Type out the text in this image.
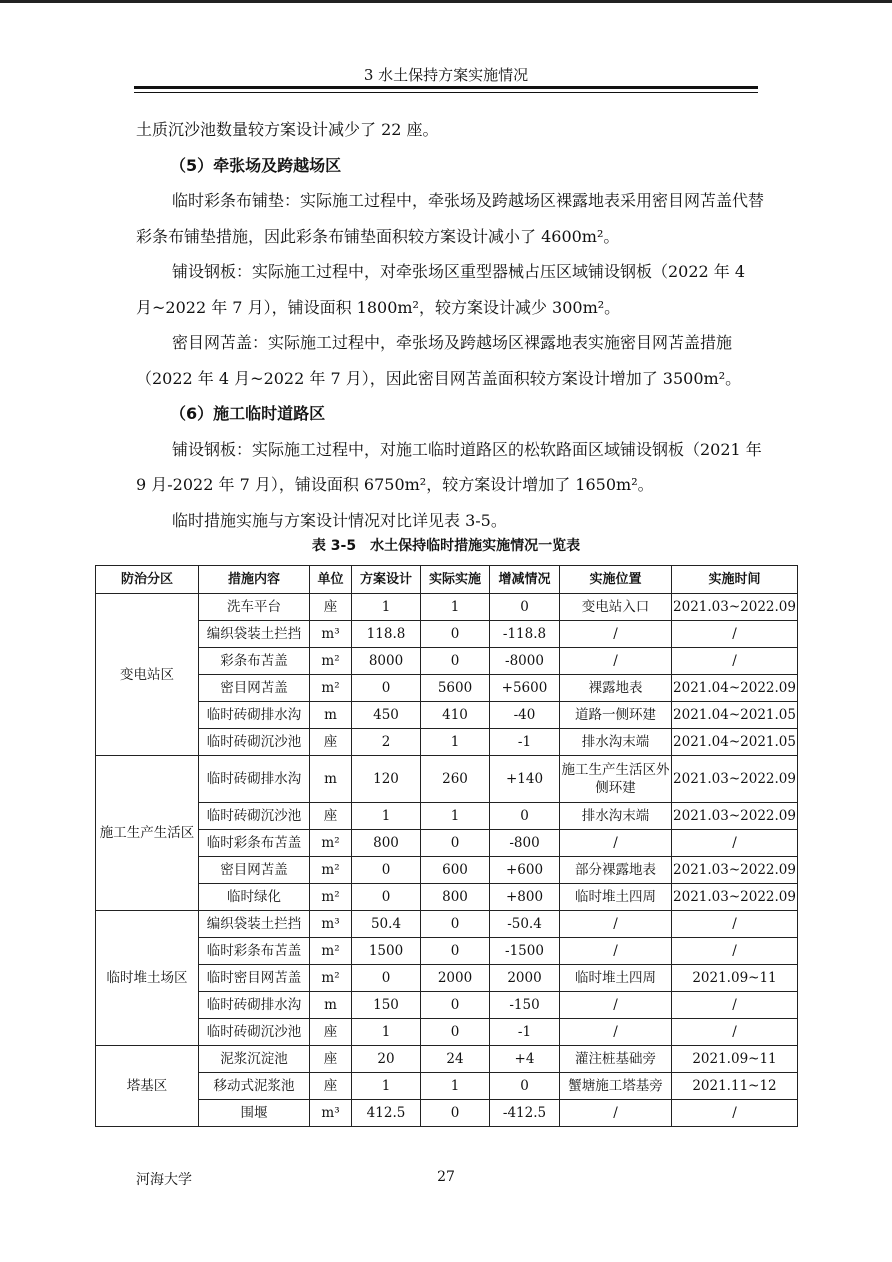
3 水土保持方案实施情况

土质沉沙池数量较方案设计减少了 22 座。

（5）牵张场及跨越场区

临时彩条布铺垫：实际施工过程中，牵张场及跨越场区裸露地表采用密目网苫盖代替彩条布铺垫措施，因此彩条布铺垫面积较方案设计减小了 4600m²。

铺设钢板：实际施工过程中，对牵张场区重型器械占压区域铺设钢板（2022 年 4 月~2022 年 7 月），铺设面积 1800m²，较方案设计减少 300m²。

密目网苫盖：实际施工过程中，牵张场及跨越场区裸露地表实施密目网苫盖措施（2022 年 4 月~2022 年 7 月），因此密目网苫盖面积较方案设计增加了 3500m²。

（6）施工临时道路区

铺设钢板：实际施工过程中，对施工临时道路区的松软路面区域铺设钢板（2021 年 9 月-2022 年 7 月），铺设面积 6750m²，较方案设计增加了 1650m²。

临时措施实施与方案设计情况对比详见表 3-5。

表 3-5　水土保持临时措施实施情况一览表
防治分区	措施内容	单位	方案设计	实际实施	增减情况	实施位置	实施时间
变电站区	洗车平台	座	1	1	0	变电站入口	2021.03~2022.09
	编织袋装土拦挡	m³	118.8	0	-118.8	/	/
	彩条布苫盖	m²	8000	0	-8000	/	/
	密目网苫盖	m²	0	5600	+5600	裸露地表	2021.04~2022.09
	临时砖砌排水沟	m	450	410	-40	道路一侧环建	2021.04~2021.05
	临时砖砌沉沙池	座	2	1	-1	排水沟末端	2021.04~2021.05
施工生产生活区	临时砖砌排水沟	m	120	260	+140	施工生产生活区外侧环建	2021.03~2022.09
	临时砖砌沉沙池	座	1	1	0	排水沟末端	2021.03~2022.09
	临时彩条布苫盖	m²	800	0	-800	/	/
	密目网苫盖	m²	0	600	+600	部分裸露地表	2021.03~2022.09
	临时绿化	m²	0	800	+800	临时堆土四周	2021.03~2022.09
临时堆土场区	编织袋装土拦挡	m³	50.4	0	-50.4	/	/
	临时彩条布苫盖	m²	1500	0	-1500	/	/
	临时密目网苫盖	m²	0	2000	2000	临时堆土四周	2021.09~11
	临时砖砌排水沟	m	150	0	-150	/	/
	临时砖砌沉沙池	座	1	0	-1	/	/
塔基区	泥浆沉淀池	座	20	24	+4	灌注桩基础旁	2021.09~11
	移动式泥浆池	座	1	1	0	蟹塘施工塔基旁	2021.11~12
	围堰	m³	412.5	0	-412.5	/	/
河海大学	27
